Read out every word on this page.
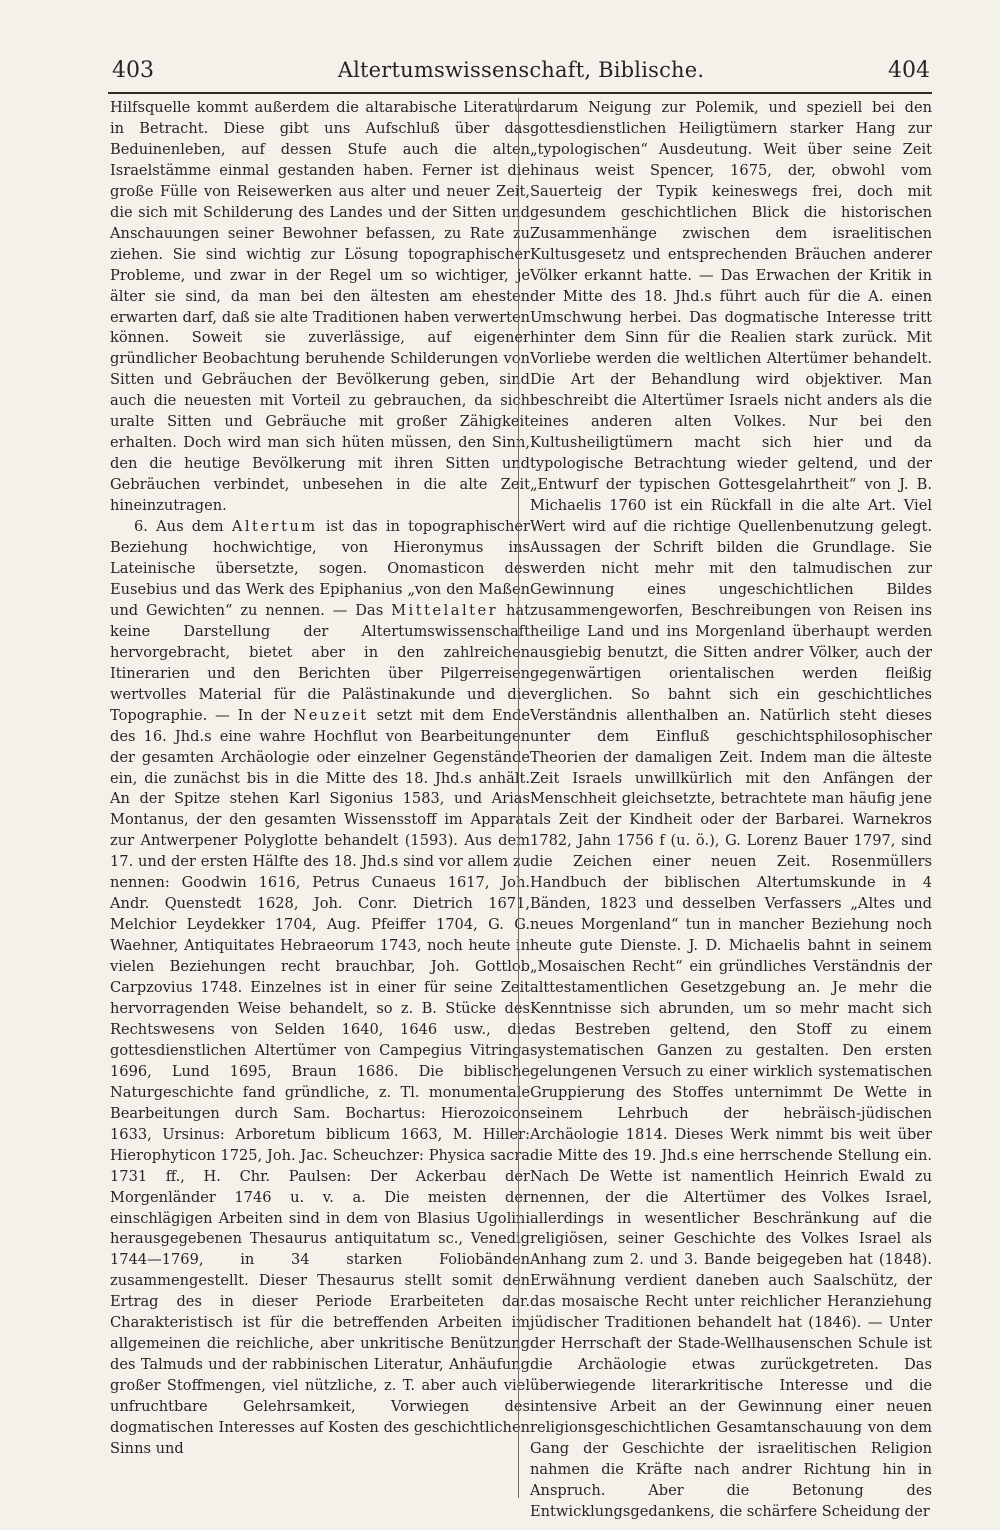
403	Altertumswissenschaft, Biblische.	404

Hilfsquelle kommt außerdem die altarabische Literatur in Betracht. Diese gibt uns Aufschluß über das Beduinenleben, auf dessen Stufe auch die alten Israelstämme einmal gestanden haben. Ferner ist die große Fülle von Reisewerken aus alter und neuer Zeit, die sich mit Schilderung des Landes und der Sitten und Anschauungen seiner Bewohner befassen, zu Rate zu ziehen. Sie sind wichtig zur Lösung topographischer Probleme, und zwar in der Regel um so wichtiger, je älter sie sind, da man bei den ältesten am ehesten erwarten darf, daß sie alte Traditionen haben verwerten können. Soweit sie zuverlässige, auf eigener gründlicher Beobachtung beruhende Schilderungen von Sitten und Gebräuchen der Bevölkerung geben, sind auch die neuesten mit Vorteil zu gebrauchen, da sich uralte Sitten und Gebräuche mit großer Zähigkeit erhalten. Doch wird man sich hüten müssen, den Sinn, den die heutige Bevölkerung mit ihren Sitten und Gebräuchen verbindet, unbesehen in die alte Zeit hineinzutragen.

6. Aus dem Altertum ist das in topographischer Beziehung hochwichtige, von Hieronymus ins Lateinische übersetzte, sogen. Onomasticon des Eusebius und das Werk des Epiphanius „von den Maßen und Gewichten“ zu nennen. — Das Mittelalter hat keine Darstellung der Altertumswissenschaft hervorgebracht, bietet aber in den zahlreichen Itinerarien und den Berichten über Pilgerreisen wertvolles Material für die Palästinakunde und die Topographie. — In der Neuzeit setzt mit dem Ende des 16. Jhd.s eine wahre Hochflut von Bearbeitungen der gesamten Archäologie oder einzelner Gegenstände ein, die zunächst bis in die Mitte des 18. Jhd.s anhält. An der Spitze stehen Karl Sigonius 1583, und Arias Montanus, der den gesamten Wissensstoff im Apparat zur Antwerpener Polyglotte behandelt (1593). Aus dem 17. und der ersten Hälfte des 18. Jhd.s sind vor allem zu nennen: Goodwin 1616, Petrus Cunaeus 1617, Joh. Andr. Quenstedt 1628, Joh. Conr. Dietrich 1671, Melchior Leydekker 1704, Aug. Pfeiffer 1704, G. G. Waehner, Antiquitates Hebraeorum 1743, noch heute in vielen Beziehungen recht brauchbar, Joh. Gottlob Carpzovius 1748. Einzelnes ist in einer für seine Zeit hervorragenden Weise behandelt, so z. B. Stücke des Rechtswesens von Selden 1640, 1646 usw., die gottesdienstlichen Altertümer von Campegius Vitringa 1696, Lund 1695, Braun 1686. Die biblische Naturgeschichte fand gründliche, z. Tl. monumentale Bearbeitungen durch Sam. Bochartus: Hierozoicon 1633, Ursinus: Arboretum biblicum 1663, M. Hiller: Hierophyticon 1725, Joh. Jac. Scheuchzer: Physica sacra 1731 ff., H. Chr. Paulsen: Der Ackerbau der Morgenländer 1746 u. v. a. Die meisten der einschlägigen Arbeiten sind in dem von Blasius Ugolini herausgegebenen Thesaurus antiquitatum sc., Venedig 1744—1769, in 34 starken Foliobänden zusammengestellt. Dieser Thesaurus stellt somit den Ertrag des in dieser Periode Erarbeiteten dar. Charakteristisch ist für die betreffenden Arbeiten im allgemeinen die reichliche, aber unkritische Benützung des Talmuds und der rabbinischen Literatur, Anhäufung großer Stoffmengen, viel nützliche, z. T. aber auch viel unfruchtbare Gelehrsamkeit, Vorwiegen des dogmatischen Interesses auf Kosten des geschichtlichen Sinns und

darum Neigung zur Polemik, und speziell bei den gottesdienstlichen Heiligtümern starker Hang zur „typologischen“ Ausdeutung. Weit über seine Zeit hinaus weist Spencer, 1675, der, obwohl vom Sauerteig der Typik keineswegs frei, doch mit gesundem geschichtlichen Blick die historischen Zusammenhänge zwischen dem israelitischen Kultusgesetz und entsprechenden Bräuchen anderer Völker erkannt hatte. — Das Erwachen der Kritik in der Mitte des 18. Jhd.s führt auch für die A. einen Umschwung herbei. Das dogmatische Interesse tritt hinter dem Sinn für die Realien stark zurück. Mit Vorliebe werden die weltlichen Altertümer behandelt. Die Art der Behandlung wird objektiver. Man beschreibt die Altertümer Israels nicht anders als die eines anderen alten Volkes. Nur bei den Kultusheiligtümern macht sich hier und da typologische Betrachtung wieder geltend, und der „Entwurf der typischen Gottesgelahrtheit“ von J. B. Michaelis 1760 ist ein Rückfall in die alte Art. Viel Wert wird auf die richtige Quellenbenutzung gelegt. Aussagen der Schrift bilden die Grundlage. Sie werden nicht mehr mit den talmudischen zur Gewinnung eines ungeschichtlichen Bildes zusammengeworfen, Beschreibungen von Reisen ins heilige Land und ins Morgenland überhaupt werden ausgiebig benutzt, die Sitten andrer Völker, auch der gegenwärtigen orientalischen werden fleißig verglichen. So bahnt sich ein geschichtliches Verständnis allenthalben an. Natürlich steht dieses unter dem Einfluß geschichtsphilosophischer Theorien der damaligen Zeit. Indem man die älteste Zeit Israels unwillkürlich mit den Anfängen der Menschheit gleichsetzte, betrachtete man häufig jene als Zeit der Kindheit oder der Barbarei. Warnekros 1782, Jahn 1756 f (u. ö.), G. Lorenz Bauer 1797, sind die Zeichen einer neuen Zeit. Rosenmüllers Handbuch der biblischen Altertumskunde in 4 Bänden, 1823 und desselben Verfassers „Altes und neues Morgenland“ tun in mancher Beziehung noch heute gute Dienste. J. D. Michaelis bahnt in seinem „Mosaischen Recht“ ein gründliches Verständnis der alttestamentlichen Gesetzgebung an. Je mehr die Kenntnisse sich abrunden, um so mehr macht sich das Bestreben geltend, den Stoff zu einem systematischen Ganzen zu gestalten. Den ersten gelungenen Versuch zu einer wirklich systematischen Gruppierung des Stoffes unternimmt De Wette in seinem Lehrbuch der hebräisch-jüdischen Archäologie 1814. Dieses Werk nimmt bis weit über die Mitte des 19. Jhd.s eine herrschende Stellung ein. Nach De Wette ist namentlich Heinrich Ewald zu nennen, der die Altertümer des Volkes Israel, allerdings in wesentlicher Beschränkung auf die religiösen, seiner Geschichte des Volkes Israel als Anhang zum 2. und 3. Bande beigegeben hat (1848). Erwähnung verdient daneben auch Saalschütz, der das mosaische Recht unter reichlicher Heranziehung jüdischer Traditionen behandelt hat (1846). — Unter der Herrschaft der Stade-Wellhausenschen Schule ist die Archäologie etwas zurückgetreten. Das überwiegende literarkritische Interesse und die intensive Arbeit an der Gewinnung einer neuen religionsgeschichtlichen Gesamtanschauung von dem Gang der Geschichte der israelitischen Religion nahmen die Kräfte nach andrer Richtung hin in Anspruch. Aber die Betonung des Entwicklungsgedankens, die schärfere Scheidung der
